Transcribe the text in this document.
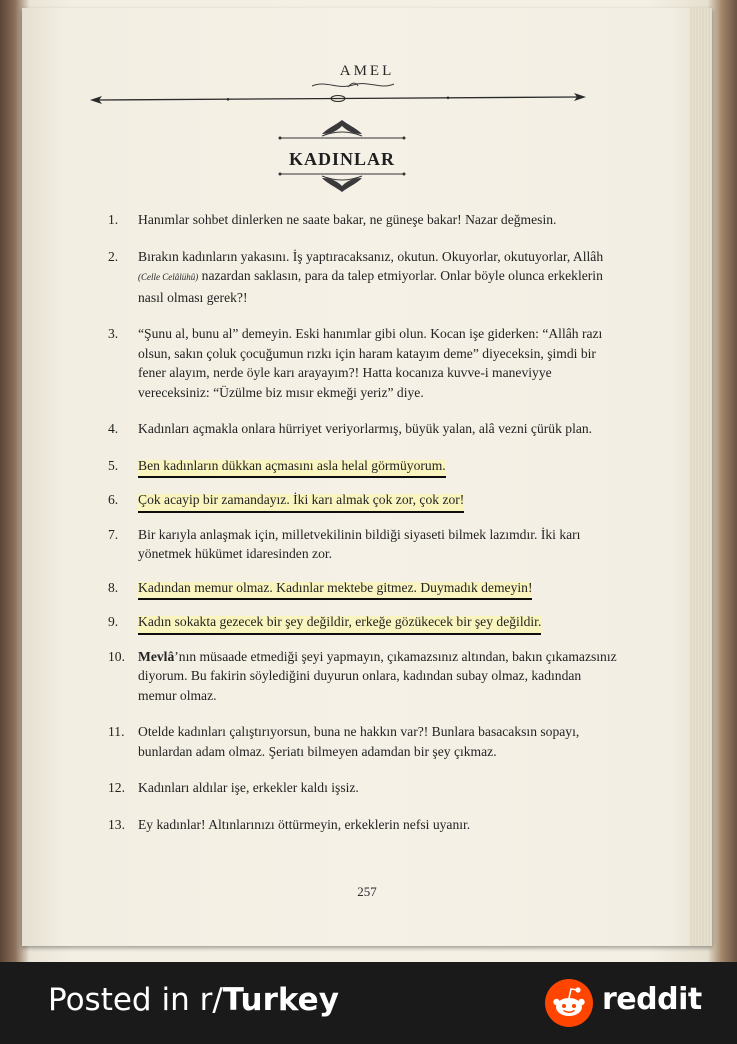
AMEL
KADINLAR
1. Hanımlar sohbet dinlerken ne saate bakar, ne güneşe bakar! Nazar değmesin.
2. Bırakın kadınların yakasını. İş yaptıracaksanız, okutun. Okuyorlar, okutuyorlar, Allâh (Celle Celâlühû) nazardan saklasın, para da talep etmiyorlar. Onlar böyle olunca erkeklerin nasıl olması gerek?!
3. “Şunu al, bunu al” demeyin. Eski hanımlar gibi olun. Kocan işe giderken: “Allâh razı olsun, sakın çoluk çocuğumun rızkı için haram katayım deme” diyeceksin, şimdi bir fener alayım, nerde öyle karı arayayım?! Hatta kocanıza kuvve-i maneviyye vereceksiniz: “Üzülme biz mısır ekmeği yeriz” diye.
4. Kadınları açmakla onlara hürriyet veriyorlarmış, büyük yalan, alâ vezni çürük plan.
5. Ben kadınların dükkan açmasını asla helal görmüyorum.
6. Çok acayip bir zamandayız. İki karı almak çok zor, çok zor!
7. Bir karıyla anlaşmak için, milletvekilinin bildiği siyaseti bilmek lazımdır. İki karı yönetmek hükümet idaresinden zor.
8. Kadından memur olmaz. Kadınlar mektebe gitmez. Duymadık demeyin!
9. Kadın sokakta gezecek bir şey değildir, erkeğe gözükecek bir şey değildir.
10. Mevlâ’nın müsaade etmediği şeyi yapmayın, çıkamazsınız altından, bakın çıkamazsınız diyorum. Bu fakirin söylediğini duyurun onlara, kadından subay olmaz, kadından memur olmaz.
11. Otelde kadınları çalıştırıyorsun, buna ne hakkın var?! Bunlara basacaksın sopayı, bunlardan adam olmaz. Şeriatı bilmeyen adamdan bir şey çıkmaz.
12. Kadınları aldılar işe, erkekler kaldı işsiz.
13. Ey kadınlar! Altınlarınızı öttürmeyin, erkeklerin nefsi uyanır.
257
Posted in r/Turkey	reddit
